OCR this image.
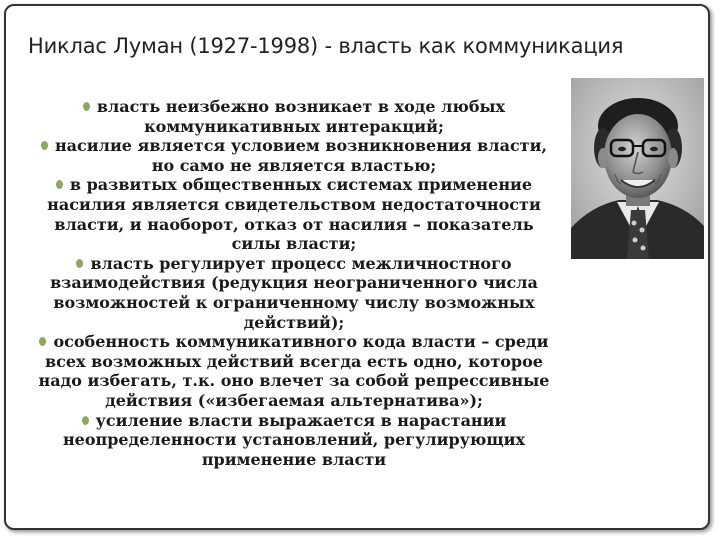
Никлас Луман (1927-1998) - власть как коммуникация
власть неизбежно возникает в ходе любых
коммуникативных интеракций;
насилие является условием возникновения власти,
но само не является властью;
в развитых общественных системах применение
насилия является свидетельством недостаточности
власти, и наоборот, отказ от насилия – показатель
силы власти;
власть регулирует процесс межличностного
взаимодействия (редукция неограниченного числа
возможностей к ограниченному числу возможных
действий);
особенность коммуникативного кода власти – среди
всех возможных действий всегда есть одно, которое
надо избегать, т.к. оно влечет за собой репрессивные
действия («избегаемая альтернатива»);
усиление власти выражается в нарастании
неопределенности установлений, регулирующих
применение власти
